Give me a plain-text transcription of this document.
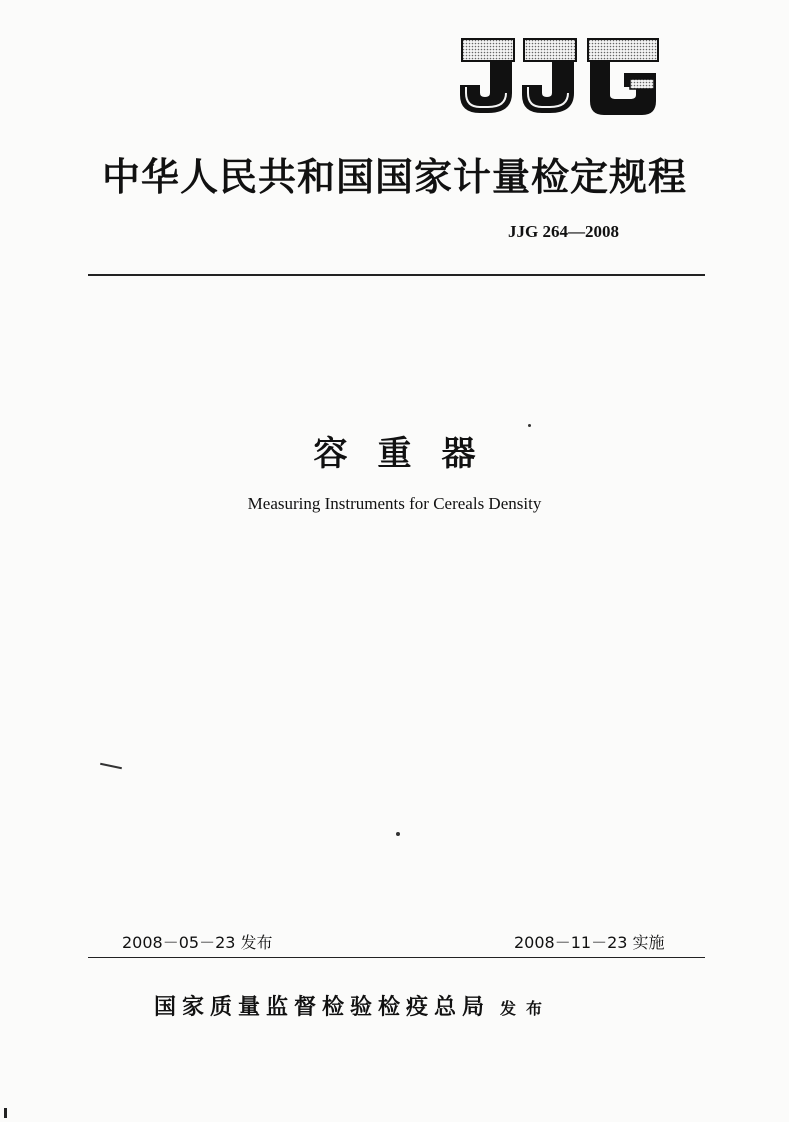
中华人民共和国国家计量检定规程
JJG 264—2008
容重器
Measuring Instruments for Cereals Density
2008－05－23 发布	2008－11－23 实施
国家质量监督检验检疫总局 发布
